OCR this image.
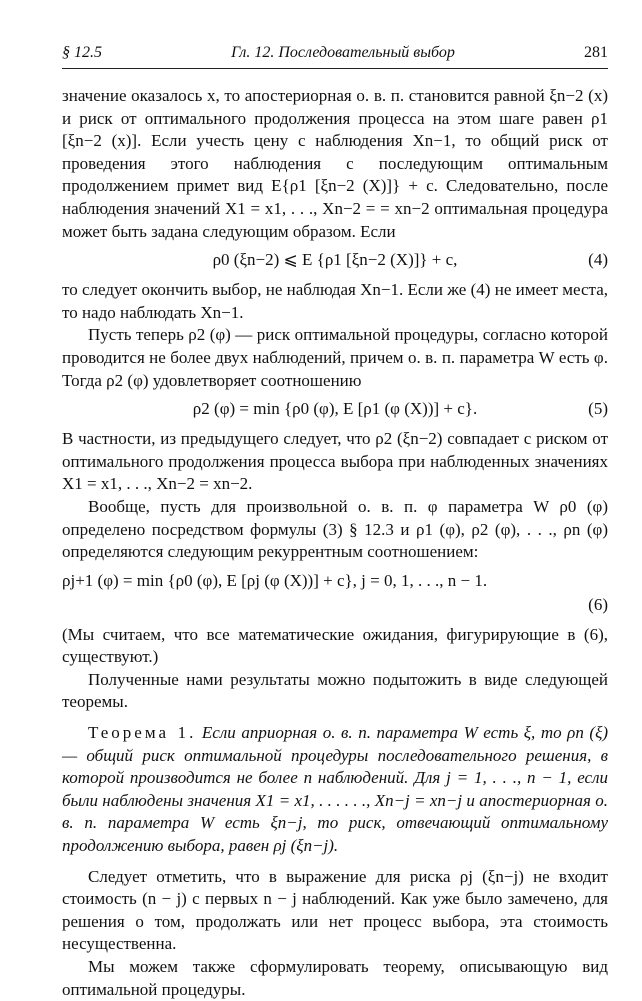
§ 12.5	Гл. 12. Последовательный выбор	281

значение оказалось x, то апостериорная о. в. п. становится равной ξn−2 (x) и риск от оптимального продолжения процесса на этом шаге равен ρ1 [ξn−2 (x)]. Если учесть цену c наблюдения Xn−1, то общий риск от проведения этого наблюдения с последующим оптимальным продолжением примет вид E{ρ1 [ξn−2 (X)]} + c. Следовательно, после наблюдения значений X1 = x1, . . ., Xn−2 = = xn−2 оптимальная процедура может быть задана следующим образом. Если

ρ0 (ξn−2) ⩽ E {ρ1 [ξn−2 (X)]} + c,	(4)

то следует окончить выбор, не наблюдая Xn−1. Если же (4) не имеет места, то надо наблюдать Xn−1.

Пусть теперь ρ2 (φ) — риск оптимальной процедуры, согласно которой проводится не более двух наблюдений, причем о. в. п. параметра W есть φ. Тогда ρ2 (φ) удовлетворяет соотношению

ρ2 (φ) = min {ρ0 (φ), E [ρ1 (φ (X))] + c}.	(5)

В частности, из предыдущего следует, что ρ2 (ξn−2) совпадает с риском от оптимального продолжения процесса выбора при наблюденных значениях X1 = x1, . . ., Xn−2 = xn−2.

Вообще, пусть для произвольной о. в. п. φ параметра W ρ0 (φ) определено посредством формулы (3) § 12.3 и ρ1 (φ), ρ2 (φ), . . ., ρn (φ) определяются следующим рекуррентным соотношением:

ρj+1 (φ) = min {ρ0 (φ), E [ρj (φ (X))] + c}, j = 0, 1, . . ., n − 1.
(6)

(Мы считаем, что все математические ожидания, фигурирующие в (6), существуют.)

Полученные нами результаты можно подытожить в виде следующей теоремы.

Теорема 1. Если априорная о. в. п. параметра W есть ξ, то ρn (ξ) — общий риск оптимальной процедуры последовательного решения, в которой производится не более n наблюдений. Для j = 1, . . ., n − 1, если были наблюдены значения X1 = x1, . . . . . ., Xn−j = xn−j и апостериорная о. в. п. параметра W есть ξn−j, то риск, отвечающий оптимальному продолжению выбора, равен ρj (ξn−j).

Следует отметить, что в выражение для риска ρj (ξn−j) не входит стоимость (n − j) c первых n − j наблюдений. Как уже было замечено, для решения о том, продолжать или нет процесс выбора, эта стоимость несущественна.

Мы можем также сформулировать теорему, описывающую вид оптимальной процедуры.
